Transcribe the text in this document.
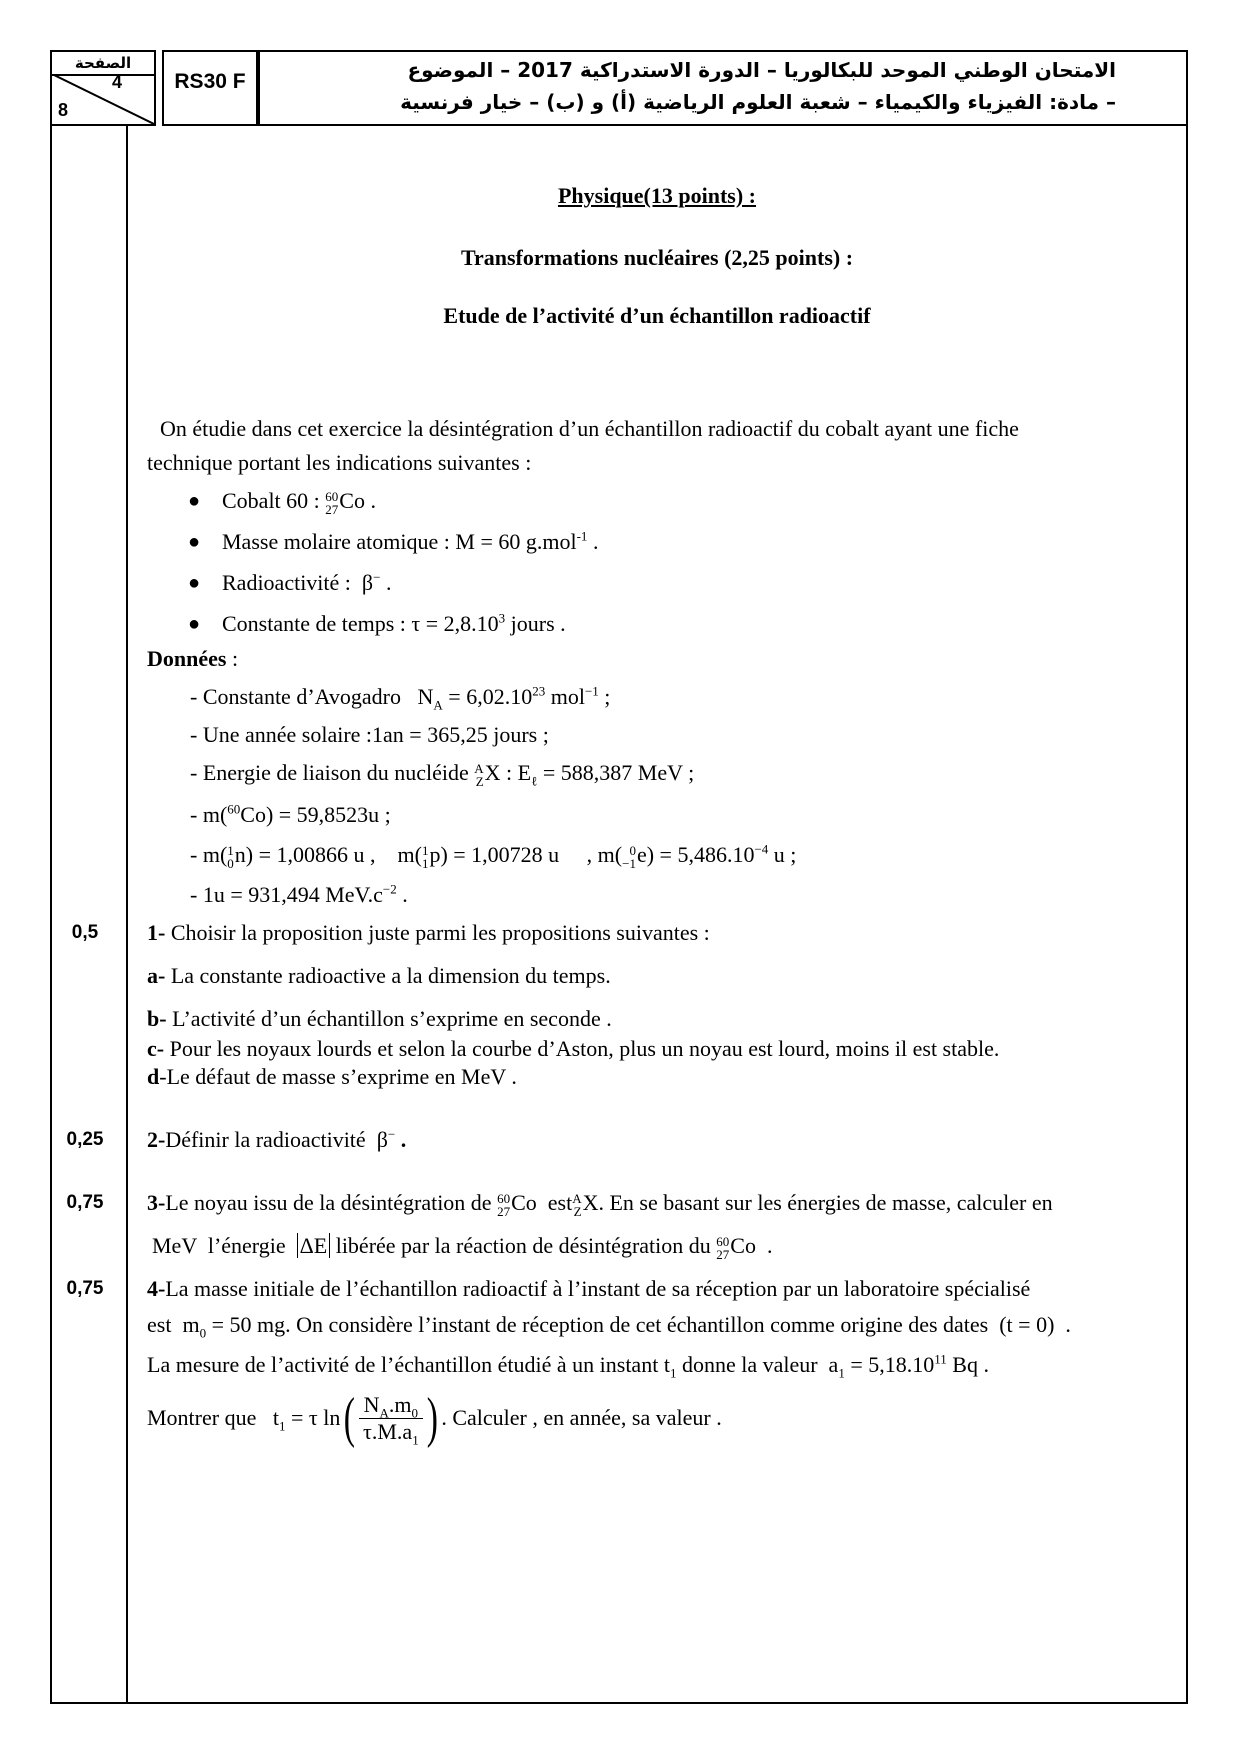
الصفحة
4
8
RS30 F	الامتحان الوطني الموحد للبكالوريا – الدورة الاستدراكية 2017 – الموضوع
– مادة: الفيزياء والكيمياء – شعبة العلوم الرياضية (أ) و (ب) – خيار فرنسية
Physique(13 points) :
Transformations nucléaires (2,25 points) :
Etude de l’activité d’un échantillon radioactif
On étudie dans cet exercice la désintégration d’un échantillon radioactif du cobalt ayant une fiche
technique portant les indications suivantes :
● Cobalt 60 : 60
27 Co .
● Masse molaire atomique : M = 60 g.mol$^{-1}$ .
● Radioactivité :  β− .
● Constante de temps : $\tau = 2,8.10^3$ jours .
Données :
- Constante d’Avogadro   $N_A = 6,02.10^{23}$ mol$^{-1}$ ;
- Une année solaire :1an = 365,25 jours ;
- Energie de liaison du nucléide A
Z X : $E_\ell = 588,387$ MeV ;
- m($^{60}$Co) = 59,8523u ;
- m( 1
0 n) = 1,00866 u ,    m( 1
1 p) = 1,00728 u     , m( 0
−1 $e) = 5,486.10^{-4}$ u ;
- 1u = 931,494 $MeV.c^{-2}$ .
0,5
0,25
0,75
0,75
1- Choisir la proposition juste parmi les propositions suivantes :
a- La constante radioactive a la dimension du temps.
b- L’activité d’un échantillon s’exprime en seconde .
c- Pour les noyaux lourds et selon la courbe d’Aston, plus un noyau est lourd, moins il est stable.
d-Le défaut de masse s’exprime en MeV .
2-Définir la radioactivité  β− .
3-Le noyau issu de la désintégration de 60
27 Co  est A
Z X. En se basant sur les énergies de masse, calculer en
MeV  l’énergie ΔE libérée par la réaction de désintégration du 60
27 Co  .
4-La masse initiale de l’échantillon radioactif à l’instant de sa réception par un laboratoire spécialisé
est  $m_0 = 50$ mg. On considère l’instant de réception de cet échantillon comme origine des dates  (t = 0)  .
La mesure de l’activité de l’échantillon étudié à un instant $t_1$ donne la valeur  $a_1 = 5,18.10^{11}$ Bq .
Montrer que   $t_1 = \tau$ $\ln( \frac{N_A.m_0}{\tau.M.a_1}$ ) . Calculer , en année, sa valeur .
